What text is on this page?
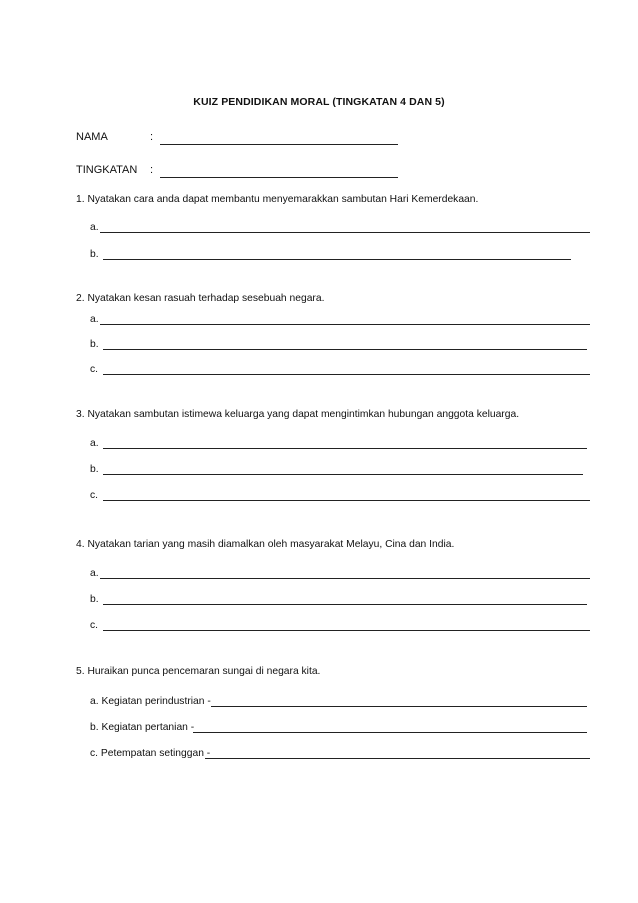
KUIZ PENDIDIKAN MORAL (TINGKATAN 4 DAN 5)
NAMA	:
TINGKATAN :
1. Nyatakan cara anda dapat membantu menyemarakkan sambutan Hari Kemerdekaan.
a.
b.
2. Nyatakan kesan rasuah terhadap sesebuah negara.
a.
b.
c.
3. Nyatakan sambutan istimewa keluarga yang dapat mengintimkan hubungan anggota keluarga.
a.
b.
c.
4. Nyatakan tarian yang masih diamalkan oleh masyarakat Melayu, Cina dan India.
a.
b.
c.
5. Huraikan punca pencemaran sungai di negara kita.
a. Kegiatan perindustrian -
b. Kegiatan pertanian -
c. Petempatan setinggan -
